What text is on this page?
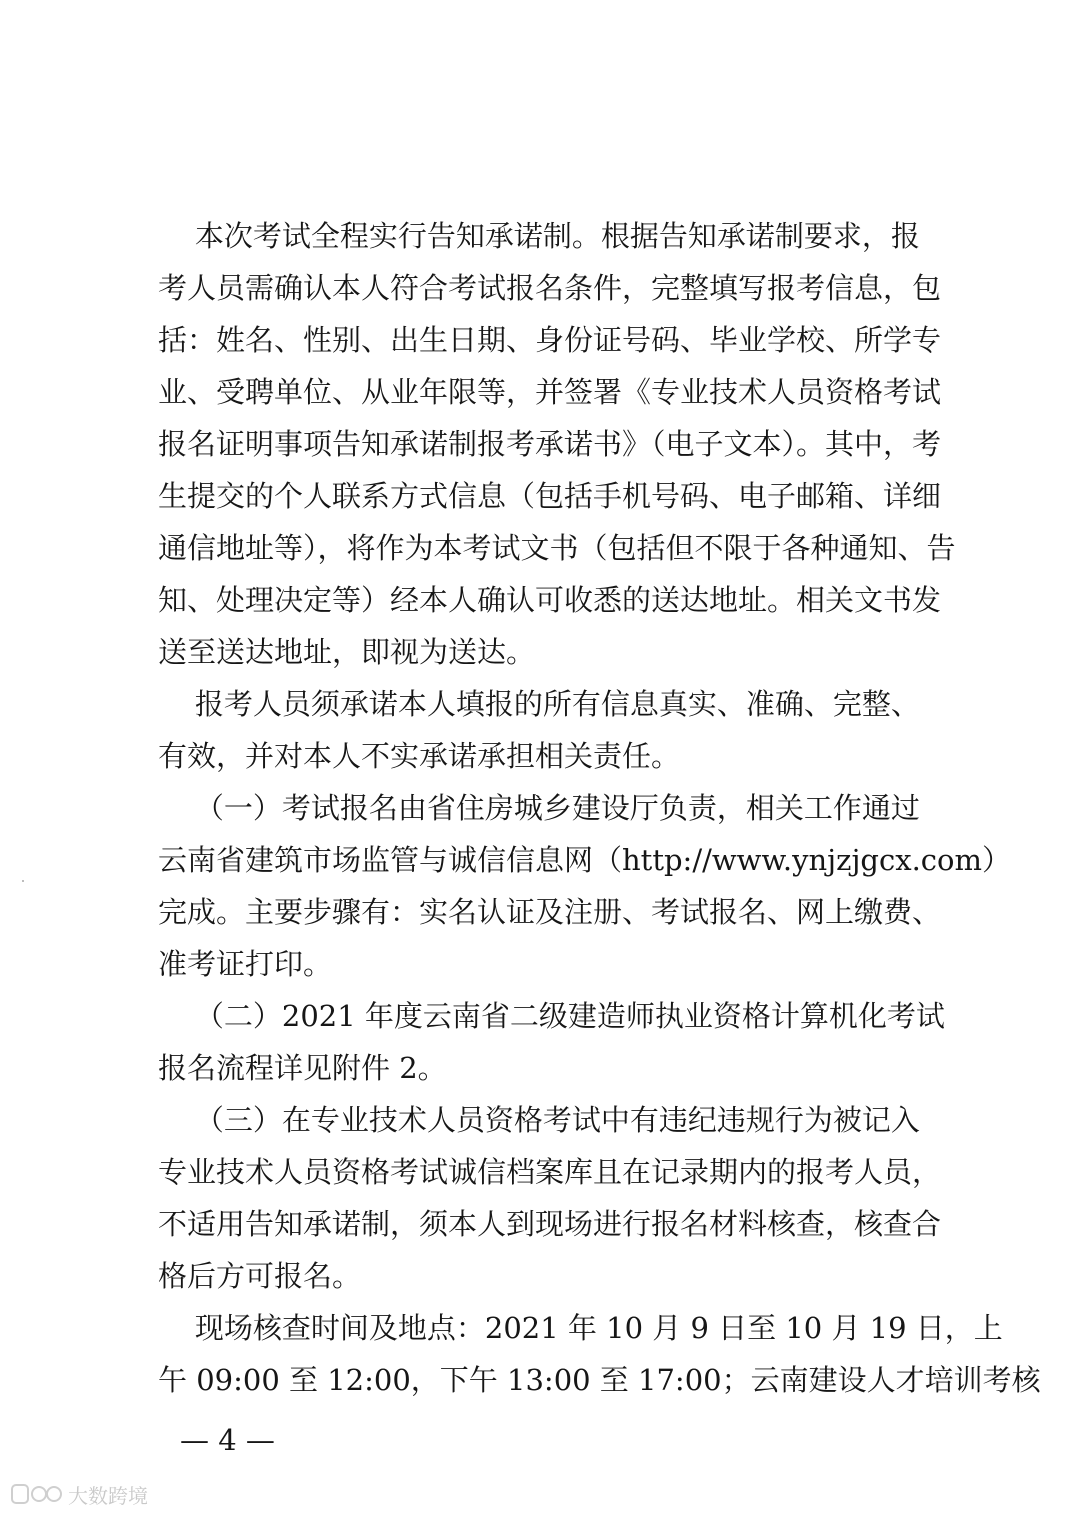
本次考试全程实行告知承诺制。根据告知承诺制要求，报
考人员需确认本人符合考试报名条件，完整填写报考信息，包
括：姓名、性别、出生日期、身份证号码、毕业学校、所学专
业、受聘单位、从业年限等，并签署《专业技术人员资格考试
报名证明事项告知承诺制报考承诺书》（电子文本）。其中，考
生提交的个人联系方式信息（包括手机号码、电子邮箱、详细
通信地址等），将作为本考试文书（包括但不限于各种通知、告
知、处理决定等）经本人确认可收悉的送达地址。相关文书发
送至送达地址，即视为送达。
报考人员须承诺本人填报的所有信息真实、准确、完整、
有效，并对本人不实承诺承担相关责任。
（一）考试报名由省住房城乡建设厅负责，相关工作通过
云南省建筑市场监管与诚信信息网（http://www.ynjzjgcx.com）
完成。主要步骤有：实名认证及注册、考试报名、网上缴费、
准考证打印。
（二）2021 年度云南省二级建造师执业资格计算机化考试
报名流程详见附件 2。
（三）在专业技术人员资格考试中有违纪违规行为被记入
专业技术人员资格考试诚信档案库且在记录期内的报考人员，
不适用告知承诺制，须本人到现场进行报名材料核查，核查合
格后方可报名。
现场核查时间及地点：2021 年 10 月 9 日至 10 月 19 日，上
午 09:00 至 12:00，下午 13:00 至 17:00；云南建设人才培训考核
— 4 —
大数跨境
